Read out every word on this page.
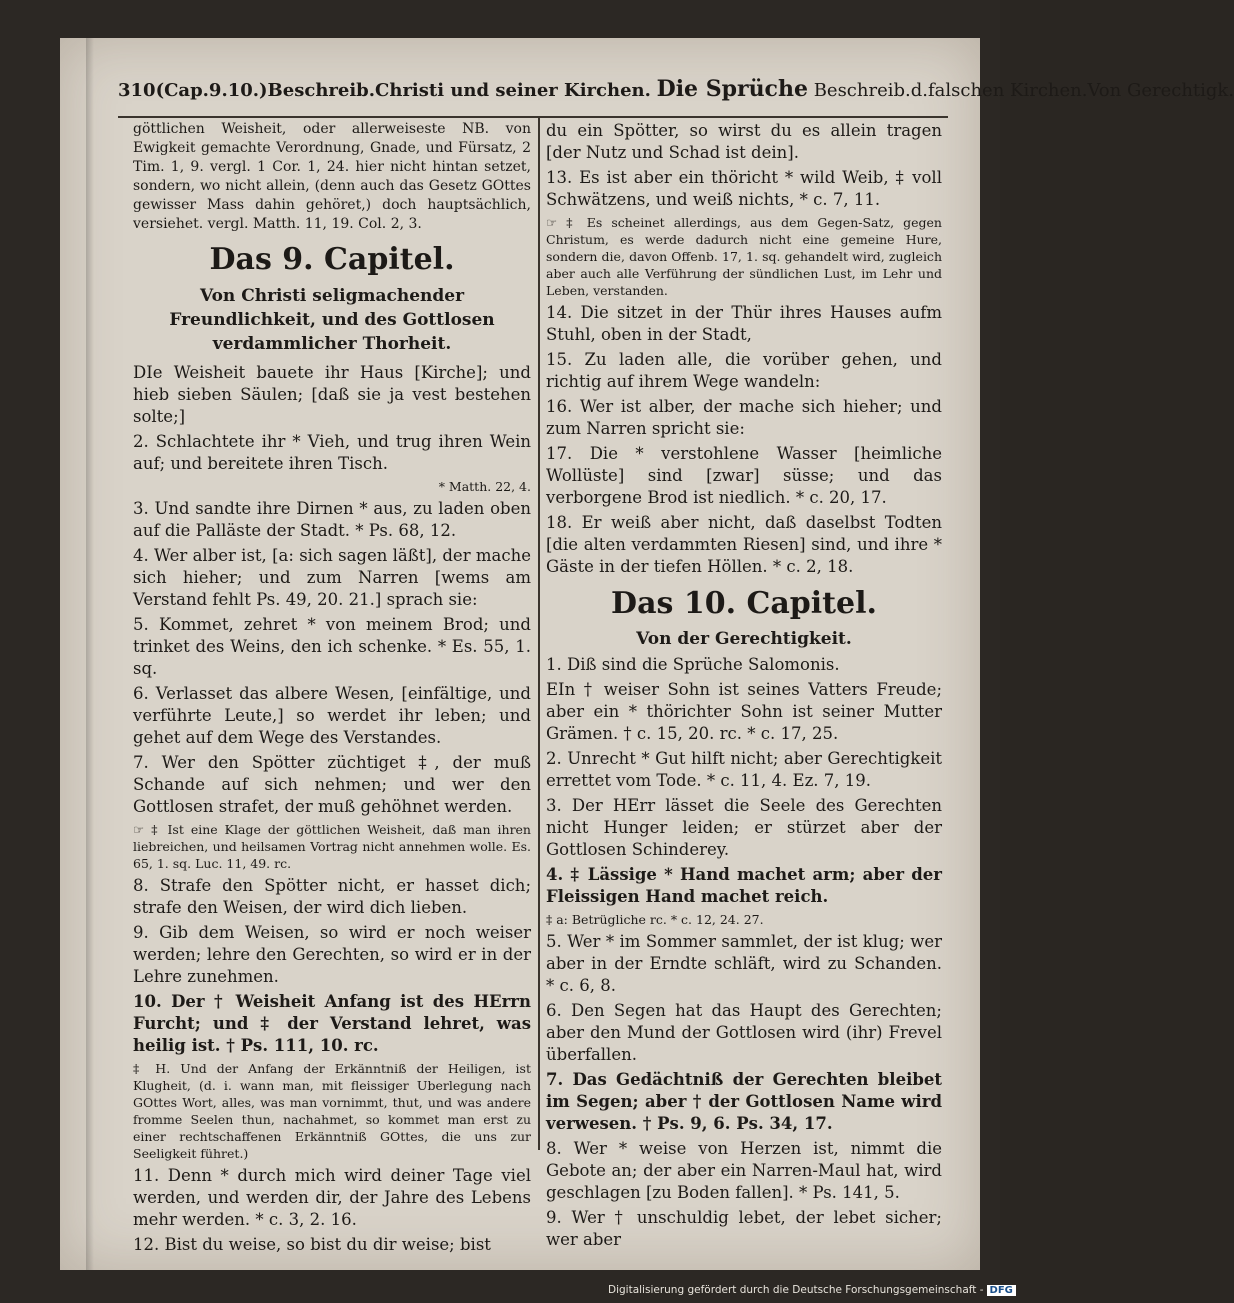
310(Cap.9.10.)Beschreib.Christi und seiner Kirchen. Die Sprüche Beschreib.d.falschen Kirchen.Von Gerechtigk.

göttlichen Weisheit, oder allerweiseste NB. von Ewigkeit gemachte Verordnung, Gnade, und Fürsatz, 2 Tim. 1, 9. vergl. 1 Cor. 1, 24. hier nicht hintan setzet, sondern, wo nicht allein, (denn auch das Gesetz GOttes gewisser Mass dahin gehöret,) doch hauptsächlich, versiehet. vergl. Matth. 11, 19. Col. 2, 3.

Das 9. Capitel.
Von Christi seligmachender Freundlichkeit, und des Gottlosen verdammlicher Thorheit.

DIe Weisheit bauete ihr Haus [Kirche]; und hieb sieben Säulen; [daß sie ja vest bestehen solte;]

2. Schlachtete ihr * Vieh, und trug ihren Wein auf; und bereitete ihren Tisch.

* Matth. 22, 4.

3. Und sandte ihre Dirnen * aus, zu laden oben auf die Palläste der Stadt. * Ps. 68, 12.

4. Wer alber ist, [a: sich sagen läßt], der mache sich hieher; und zum Narren [wems am Verstand fehlt Ps. 49, 20. 21.] sprach sie:

5. Kommet, zehret * von meinem Brod; und trinket des Weins, den ich schenke. * Es. 55, 1. sq.

6. Verlasset das albere Wesen, [einfältige, und verführte Leute,] so werdet ihr leben; und gehet auf dem Wege des Verstandes.

7. Wer den Spötter züchtiget ‡, der muß Schande auf sich nehmen; und wer den Gottlosen strafet, der muß gehöhnet werden.

☞ ‡ Ist eine Klage der göttlichen Weisheit, daß man ihren liebreichen, und heilsamen Vortrag nicht annehmen wolle. Es. 65, 1. sq. Luc. 11, 49. rc.

8. Strafe den Spötter nicht, er hasset dich; strafe den Weisen, der wird dich lieben.

9. Gib dem Weisen, so wird er noch weiser werden; lehre den Gerechten, so wird er in der Lehre zunehmen.

10. Der † Weisheit Anfang ist des HErrn Furcht; und ‡ der Verstand lehret, was heilig ist. † Ps. 111, 10. rc.

‡ H. Und der Anfang der Erkänntniß der Heiligen, ist Klugheit, (d. i. wann man, mit fleissiger Uberlegung nach GOttes Wort, alles, was man vornimmt, thut, und was andere fromme Seelen thun, nachahmet, so kommet man erst zu einer rechtschaffenen Erkänntniß GOttes, die uns zur Seeligkeit führet.)

11. Denn * durch mich wird deiner Tage viel werden, und werden dir, der Jahre des Lebens mehr werden. * c. 3, 2. 16.

12. Bist du weise, so bist du dir weise; bist

du ein Spötter, so wirst du es allein tragen [der Nutz und Schad ist dein].

13. Es ist aber ein thöricht * wild Weib, ‡ voll Schwätzens, und weiß nichts, * c. 7, 11.

☞ ‡ Es scheinet allerdings, aus dem Gegen-Satz, gegen Christum, es werde dadurch nicht eine gemeine Hure, sondern die, davon Offenb. 17, 1. sq. gehandelt wird, zugleich aber auch alle Verführung der sündlichen Lust, im Lehr und Leben, verstanden.

14. Die sitzet in der Thür ihres Hauses aufm Stuhl, oben in der Stadt,

15. Zu laden alle, die vorüber gehen, und richtig auf ihrem Wege wandeln:

16. Wer ist alber, der mache sich hieher; und zum Narren spricht sie:

17. Die * verstohlene Wasser [heimliche Wollüste] sind [zwar] süsse; und das verborgene Brod ist niedlich. * c. 20, 17.

18. Er weiß aber nicht, daß daselbst Todten [die alten verdammten Riesen] sind, und ihre * Gäste in der tiefen Höllen. * c. 2, 18.

Das 10. Capitel.
Von der Gerechtigkeit.

1. Diß sind die Sprüche Salomonis.

EIn † weiser Sohn ist seines Vatters Freude; aber ein * thörichter Sohn ist seiner Mutter Grämen. † c. 15, 20. rc. * c. 17, 25.

2. Unrecht * Gut hilft nicht; aber Gerechtigkeit errettet vom Tode. * c. 11, 4. Ez. 7, 19.

3. Der HErr lässet die Seele des Gerechten nicht Hunger leiden; er stürzet aber der Gottlosen Schinderey.

4. ‡ Lässige * Hand machet arm; aber der Fleissigen Hand machet reich.

‡ a: Betrügliche rc. * c. 12, 24. 27.

5. Wer * im Sommer sammlet, der ist klug; wer aber in der Erndte schläft, wird zu Schanden. * c. 6, 8.

6. Den Segen hat das Haupt des Gerechten; aber den Mund der Gottlosen wird (ihr) Frevel überfallen.

7. Das Gedächtniß der Gerechten bleibet im Segen; aber † der Gottlosen Name wird verwesen. † Ps. 9, 6. Ps. 34, 17.

8. Wer * weise von Herzen ist, nimmt die Gebote an; der aber ein Narren-Maul hat, wird geschlagen [zu Boden fallen]. * Ps. 141, 5.

9. Wer † unschuldig lebet, der lebet sicher; wer aber

Digitalisierung gefördert durch die Deutsche Forschungsgemeinschaft - DFG
